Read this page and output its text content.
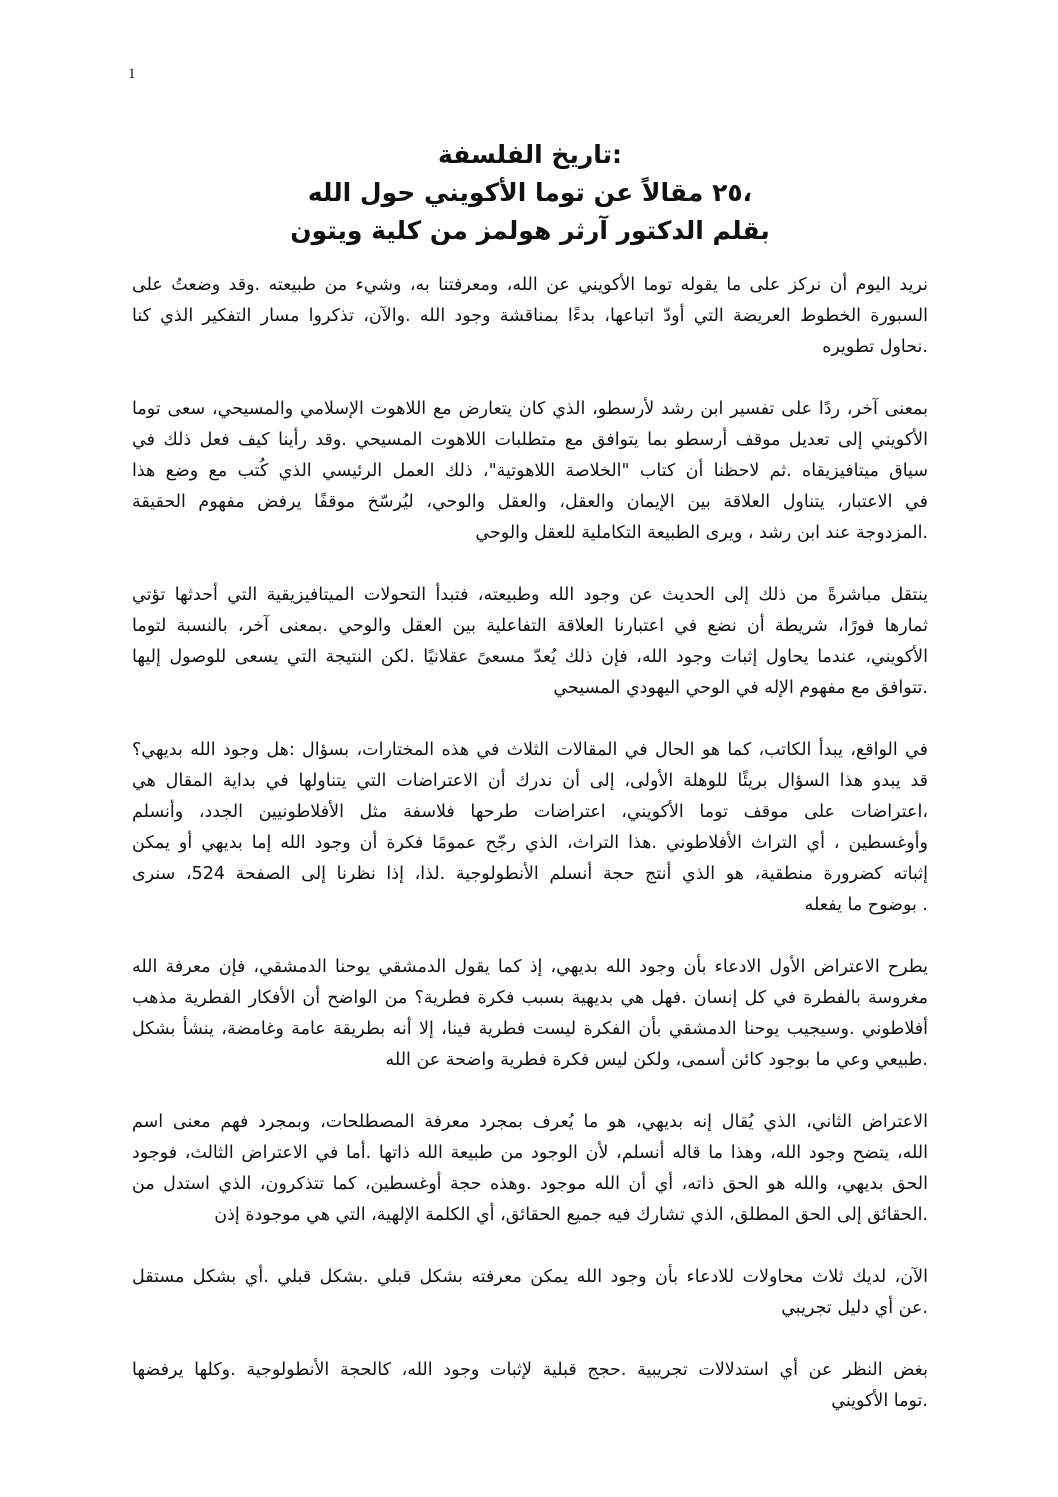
1
:تاريخ الفلسفة
،٢٥ مقالاً عن توما الأكويني حول الله
بقلم الدكتور آرثر هولمز من كلية ويتون
نريد اليوم أن نركز على ما يقوله توما الأكويني عن الله، ومعرفتنا به، وشيء من طبيعته .وقد وضعتُ على
السبورة الخطوط العريضة التي أودّ اتباعها، بدءًا بمناقشة وجود الله .والآن، تذكروا مسار التفكير الذي كنا
.نحاول تطويره
بمعنى آخر، ردًا على تفسير ابن رشد لأرسطو، الذي كان يتعارض مع اللاهوت الإسلامي والمسيحي، سعى توما
الأكويني إلى تعديل موقف أرسطو بما يتوافق مع متطلبات اللاهوت المسيحي .وقد رأينا كيف فعل ذلك في
سياق ميتافيزيقاه .ثم لاحظنا أن كتاب "الخلاصة اللاهوتية"، ذلك العمل الرئيسي الذي كُتب مع وضع هذا
في الاعتبار، يتناول العلاقة بين الإيمان والعقل، والعقل والوحي، ليُرسّخ موقفًا يرفض مفهوم الحقيقة
.المزدوجة عند ابن رشد ، ويرى الطبيعة التكاملية للعقل والوحي
ينتقل مباشرةً من ذلك إلى الحديث عن وجود الله وطبيعته، فتبدأ التحولات الميتافيزيقية التي أحدثها تؤتي
ثمارها فورًا، شريطة أن نضع في اعتبارنا العلاقة التفاعلية بين العقل والوحي .بمعنى آخر، بالنسبة لتوما
الأكويني، عندما يحاول إثبات وجود الله، فإن ذلك يُعدّ مسعىً عقلانيًا .لكن النتيجة التي يسعى للوصول إليها
.تتوافق مع مفهوم الإله في الوحي اليهودي المسيحي
في الواقع، يبدأ الكاتب، كما هو الحال في المقالات الثلاث في هذه المختارات، بسؤال :هل وجود الله بديهي؟
قد يبدو هذا السؤال بريئًا للوهلة الأولى، إلى أن ندرك أن الاعتراضات التي يتناولها في بداية المقال هي
،اعتراضات على موقف توما الأكويني، اعتراضات طرحها فلاسفة مثل الأفلاطونيين الجدد، وأنسلم
وأوغسطين ، أي التراث الأفلاطوني .هذا التراث، الذي رجّح عمومًا فكرة أن وجود الله إما بديهي أو يمكن
إثباته كضرورة منطقية، هو الذي أنتج حجة أنسلم الأنطولوجية .لذا، إذا نظرنا إلى الصفحة 524، سنرى
. بوضوح ما يفعله
يطرح الاعتراض الأول الادعاء بأن وجود الله بديهي، إذ كما يقول الدمشقي يوحنا الدمشقي، فإن معرفة الله
مغروسة بالفطرة في كل إنسان .فهل هي بديهية بسبب فكرة فطرية؟ من الواضح أن الأفكار الفطرية مذهب
أفلاطوني .وسيجيب يوحنا الدمشقي بأن الفكرة ليست فطرية فينا، إلا أنه بطريقة عامة وغامضة، ينشأ بشكل
.طبيعي وعي ما بوجود كائن أسمى، ولكن ليس فكرة فطرية واضحة عن الله
الاعتراض الثاني، الذي يُقال إنه بديهي، هو ما يُعرف بمجرد معرفة المصطلحات، وبمجرد فهم معنى اسم
الله، يتضح وجود الله، وهذا ما قاله أنسلم، لأن الوجود من طبيعة الله ذاتها .أما في الاعتراض الثالث، فوجود
الحق بديهي، والله هو الحق ذاته، أي أن الله موجود .وهذه حجة أوغسطين، كما تتذكرون، الذي استدل من
.الحقائق إلى الحق المطلق، الذي تشارك فيه جميع الحقائق، أي الكلمة الإلهية، التي هي موجودة إذن
الآن، لديك ثلاث محاولات للادعاء بأن وجود الله يمكن معرفته بشكل قبلي .بشكل قبلي .أي بشكل مستقل
.عن أي دليل تجريبي
بغض النظر عن أي استدلالات تجريبية .حجج قبلية لإثبات وجود الله، كالحجة الأنطولوجية .وكلها يرفضها
.توما الأكويني
